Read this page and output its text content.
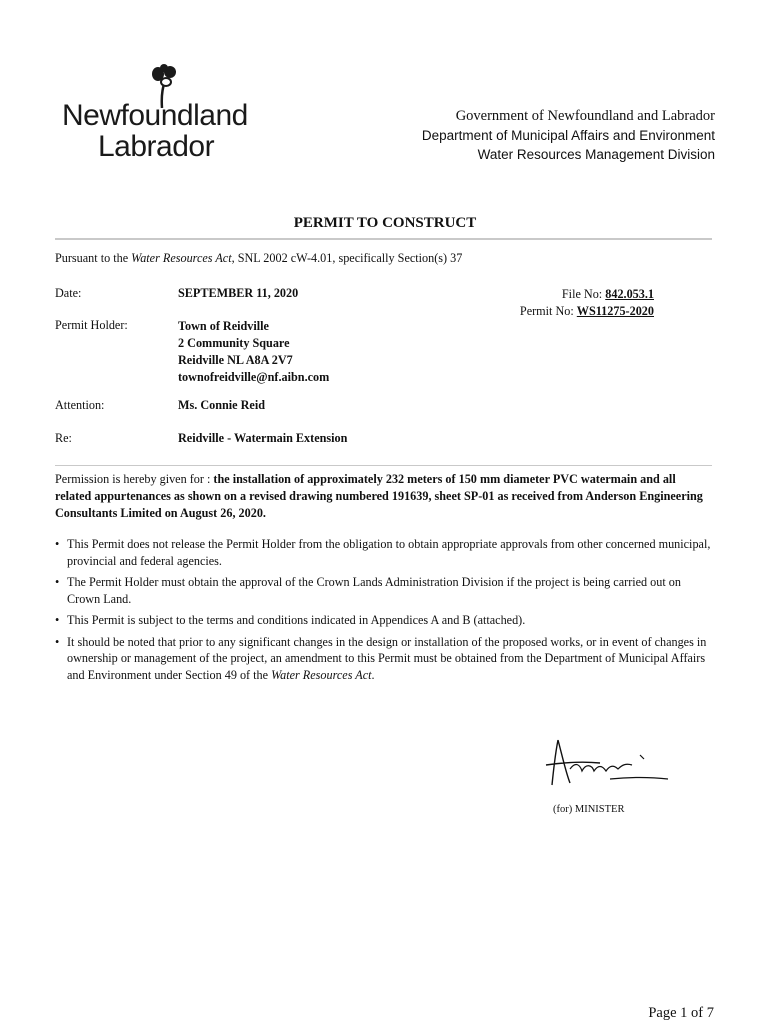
Newfoundland
Labrador
Government of Newfoundland and Labrador
Department of Municipal Affairs and Environment
Water Resources Management Division
PERMIT TO CONSTRUCT
Pursuant to the Water Resources Act, SNL 2002 cW-4.01, specifically Section(s) 37
Date:	SEPTEMBER 11, 2020	File No: 842.053.1
Permit No: WS11275-2020
Permit Holder:	Town of Reidville
2 Community Square
Reidville NL A8A 2V7
townofreidville@nf.aibn.com
Attention:	Ms. Connie Reid
Re:	Reidville - Watermain Extension
Permission is hereby given for : the installation of approximately 232 meters of 150 mm diameter PVC watermain and all related appurtenances as shown on a revised drawing numbered 191639, sheet SP-01 as received from Anderson Engineering Consultants Limited on August 26, 2020.
• This Permit does not release the Permit Holder from the obligation to obtain appropriate approvals from other concerned municipal, provincial and federal agencies.
• The Permit Holder must obtain the approval of the Crown Lands Administration Division if the project is being carried out on Crown Land.
• This Permit is subject to the terms and conditions indicated in Appendices A and B (attached).
• It should be noted that prior to any significant changes in the design or installation of the proposed works, or in event of changes in ownership or management of the project, an amendment to this Permit must be obtained from the Department of Municipal Affairs and Environment under Section 49 of the Water Resources Act.
(for) MINISTER
Page 1 of 7
